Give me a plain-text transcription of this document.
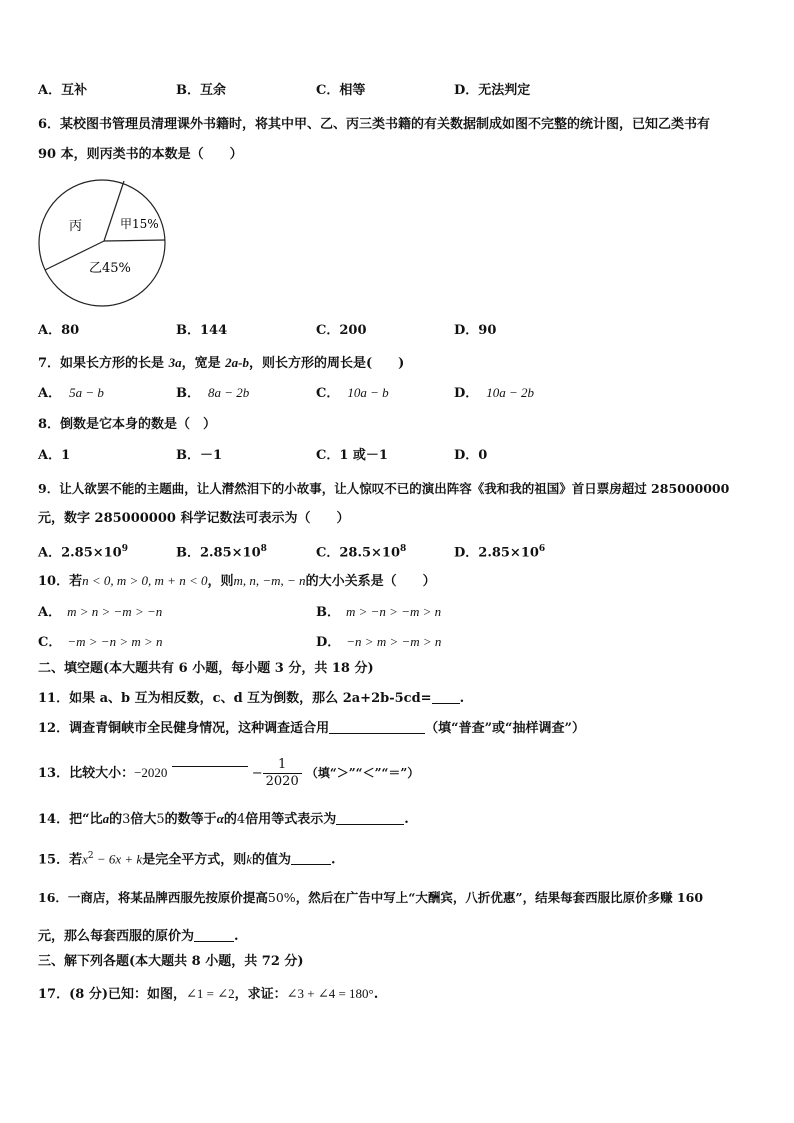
A．互补	B．互余	C．相等	D．无法判定
6．某校图书管理员清理课外书籍时，将其中甲、乙、丙三类书籍的有关数据制成如图不完整的统计图，已知乙类书有
90 本，则丙类书的本数是（　　）
丙	甲15%
乙45%
A．80	B．144	C．200	D．90
7．如果长方形的长是 3a，宽是 2a-b，则长方形的周长是(　　)
A． 5a − b	B． 8a − 2b	C． 10a − b	D． 10a − 2b
8．倒数是它本身的数是（　）
A．1	B．－1	C．1 或－1	D．0
9．让人欲罢不能的主题曲，让人潸然泪下的小故事，让人惊叹不已的演出阵容《我和我的祖国》首日票房超过 285000000
元，数字 285000000 科学记数法可表示为（　　）
A．$2.85\times 10^9$	B．$2.85\times 10^8$	C．$28.5\times 10^8$	D．$2.85\times 10^6$
10．若n < 0, m > 0, m + n < 0，则m, n, −m, − n的大小关系是（　　）
A． m > n > −m > −n	B． m > −n > −m > n
C． −m > −n > m > n	D． −n > m > −m > n
二、填空题(本大题共有 6 小题，每小题 3 分，共 18 分)
11．如果 a、b 互为相反数，c、d 互为倒数，那么 2a+2b-5cd= .
12．调查青铜峡市全民健身情况，这种调查适合用	（填“普查”或“抽样调查”）
13．比较大小：−2020	− $\frac{1}{2020}$ （填“＞”“＜”“＝”）
14．把“比a的3倍大5的数等于α的4倍用等式表示为	.
15．若$x^2 - 6x + k$是完全平方式，则k的值为	.
16．一商店，将某品牌西服先按原价提高50%，然后在广告中写上“大酬宾，八折优惠”，结果每套西服比原价多赚 160
元，那么每套西服的原价为	.
三、解下列各题(本大题共 8 小题，共 72 分)
17．(8 分)已知：如图，∠1 = ∠2，求证：∠3 + ∠4 = 180°.
